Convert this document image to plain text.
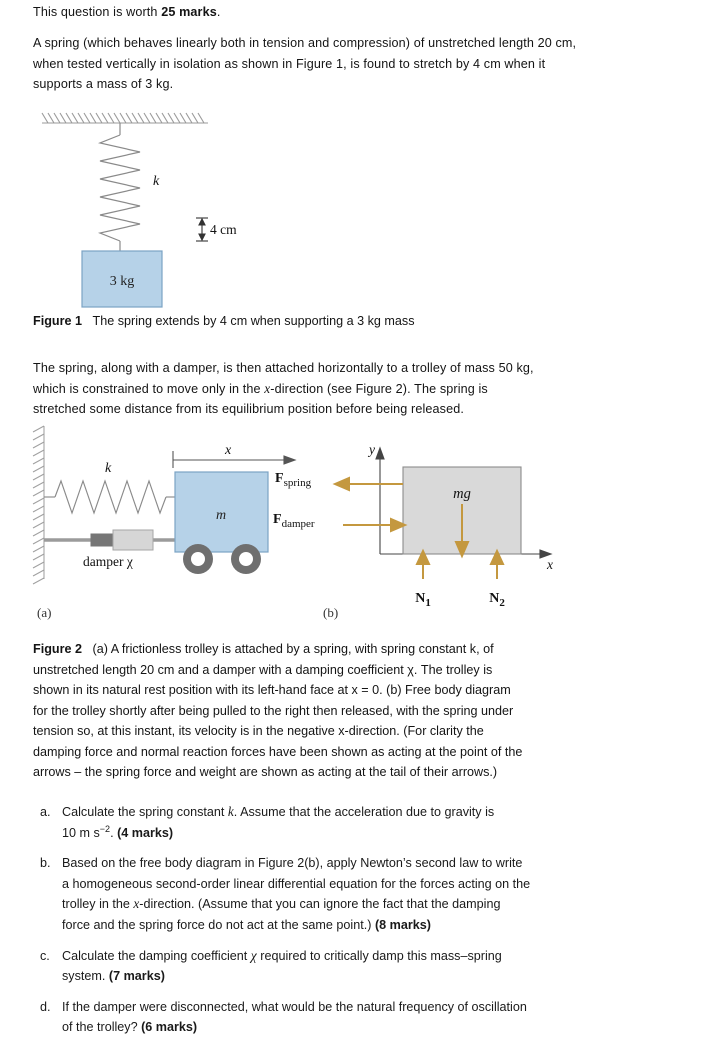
This question is worth 25 marks.
A spring (which behaves linearly both in tension and compression) of unstretched length 20 cm, when tested vertically in isolation as shown in Figure 1, is found to stretch by 4 cm when it supports a mass of 3 kg.
k
4 cm
3 kg
Figure 1 The spring extends by 4 cm when supporting a 3 kg mass
The spring, along with a damper, is then attached horizontally to a trolley of mass 50 kg,
which is constrained to move only in the x-direction (see Figure 2). The spring is
stretched some distance from its equilibrium position before being released.
x
k
damper χ
m
y
x
$F_{spring}$
$F_{damper}$
mg
$N_1$	$N_2$
(a)	(b)
Figure 2 (a) A frictionless trolley is attached by a spring, with spring constant k, of
unstretched length 20 cm and a damper with a damping coefficient χ. The trolley is
shown in its natural rest position with its left-hand face at x = 0. (b) Free body diagram
for the trolley shortly after being pulled to the right then released, with the spring under
tension so, at this instant, its velocity is in the negative x-direction. (For clarity the
damping force and normal reaction forces have been shown as acting at the point of the
arrows – the spring force and weight are shown as acting at the tail of their arrows.)
a. Calculate the spring constant k. Assume that the acceleration due to gravity is
10 m $s^{-2}$. (4 marks)
b. Based on the free body diagram in Figure 2(b), apply Newton’s second law to write
a homogeneous second-order linear differential equation for the forces acting on the
trolley in the x-direction. (Assume that you can ignore the fact that the damping
force and the spring force do not act at the same point.) (8 marks)
c. Calculate the damping coefficient χ required to critically damp this mass–spring
system. (7 marks)
d. If the damper were disconnected, what would be the natural frequency of oscillation
of the trolley? (6 marks)
